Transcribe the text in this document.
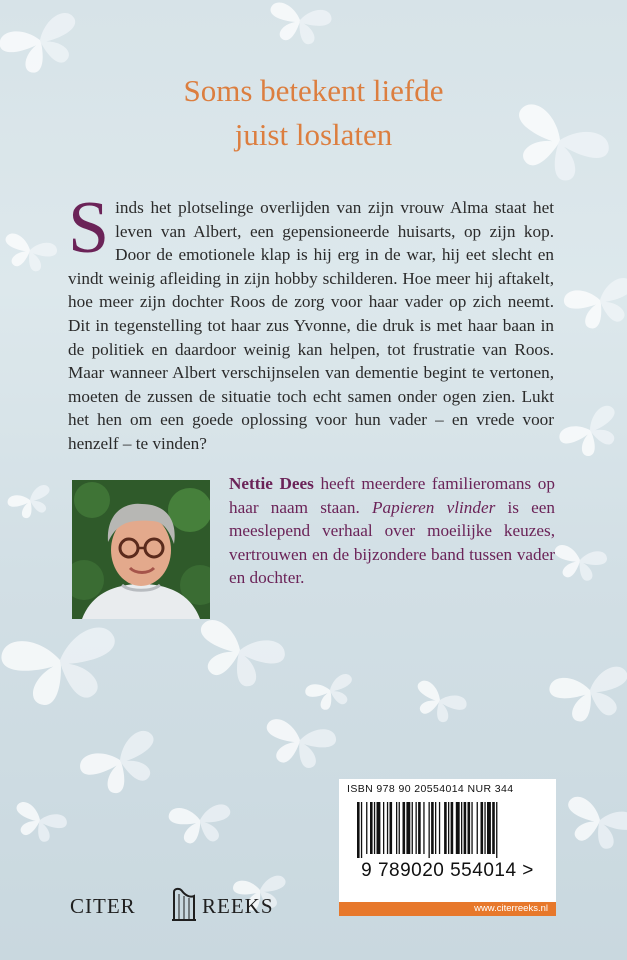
Soms betekent liefde
juist loslaten
Sinds het plotselinge overlijden van zijn vrouw Alma staat het leven van Albert, een gepensioneerde huisarts, op zijn kop. Door de emotionele klap is hij erg in de war, hij eet slecht en vindt weinig afleiding in zijn hobby schilderen. Hoe meer hij aftakelt, hoe meer zijn dochter Roos de zorg voor haar vader op zich neemt. Dit in tegenstelling tot haar zus Yvonne, die druk is met haar baan in de politiek en daardoor weinig kan helpen, tot frustratie van Roos. Maar wanneer Albert verschijnselen van dementie begint te vertonen, moeten de zussen de situatie toch echt samen onder ogen zien. Lukt het hen om een goede oplossing voor hun vader – en vrede voor henzelf – te vinden?
Nettie Dees heeft meerdere familieromans op haar naam staan. Papieren vlinder is een meeslepend verhaal over moeilijke keuzes, vertrouwen en de bijzondere band tussen vader en dochter.
CITER	REEKS
ISBN 978 90 20554014 NUR 344
9 789020 554014 >
www.citerreeks.nl
